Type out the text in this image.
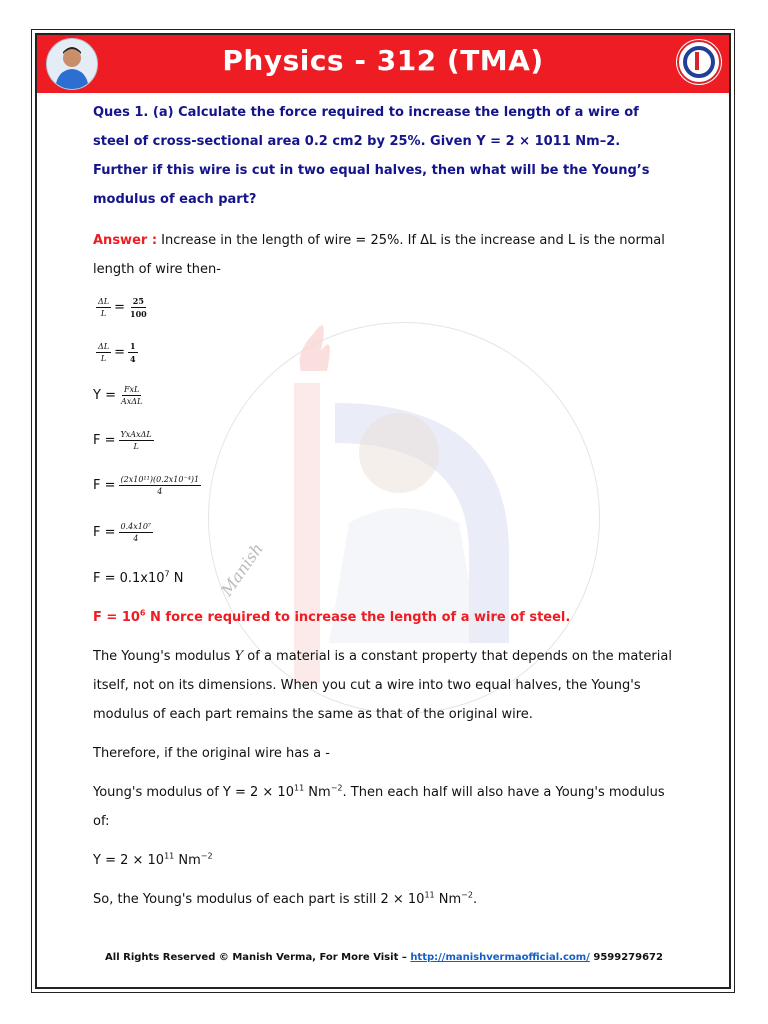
Physics - 312 (TMA)
Manish
Ques 1. (a) Calculate the force required to increase the length of a wire of steel of cross-sectional area 0.2 cm2 by 25%. Given Y = 2 × 1011 Nm–2. Further if this wire is cut in two equal halves, then what will be the Young’s modulus of each part?
Answer : Increase in the length of wire = 25%. If ΔL is the increase and L is the normal length of wire then-
$\frac{\Delta L}{L} = \frac{25}{100}$
$\frac{\Delta L}{L} = \frac{1}{4}$
$Y = \frac{\text{FxL}}{\text{AxΔL}}$
$F = \frac{\text{YxAxΔL}}{L}$
$F = \frac{\text{(2x10¹¹)(0.2x10⁻⁴)1}}{4}$
$F = \frac{\text{0.4x10⁷}}{4}$
$F = 0.1x10^7$ N
$F = 10^6$ N force required to increase the length of a wire of steel.
The Young's modulus Y of a material is a constant property that depends on the material itself, not on its dimensions. When you cut a wire into two equal halves, the Young's modulus of each part remains the same as that of the original wire.
Therefore, if the original wire has a -
Young's modulus of $Y = 2 \times 10^{11}$ $Nm^{-2}$. Then each half will also have a Young's modulus of:
$Y = 2 \times 10^{11}$ $Nm^{-2}$
So, the Young's modulus of each part is still $2 \times 10^{11}$ $Nm^{-2}$.
All Rights Reserved © Manish Verma, For More Visit – http://manishvermaofficial.com/ 9599279672
